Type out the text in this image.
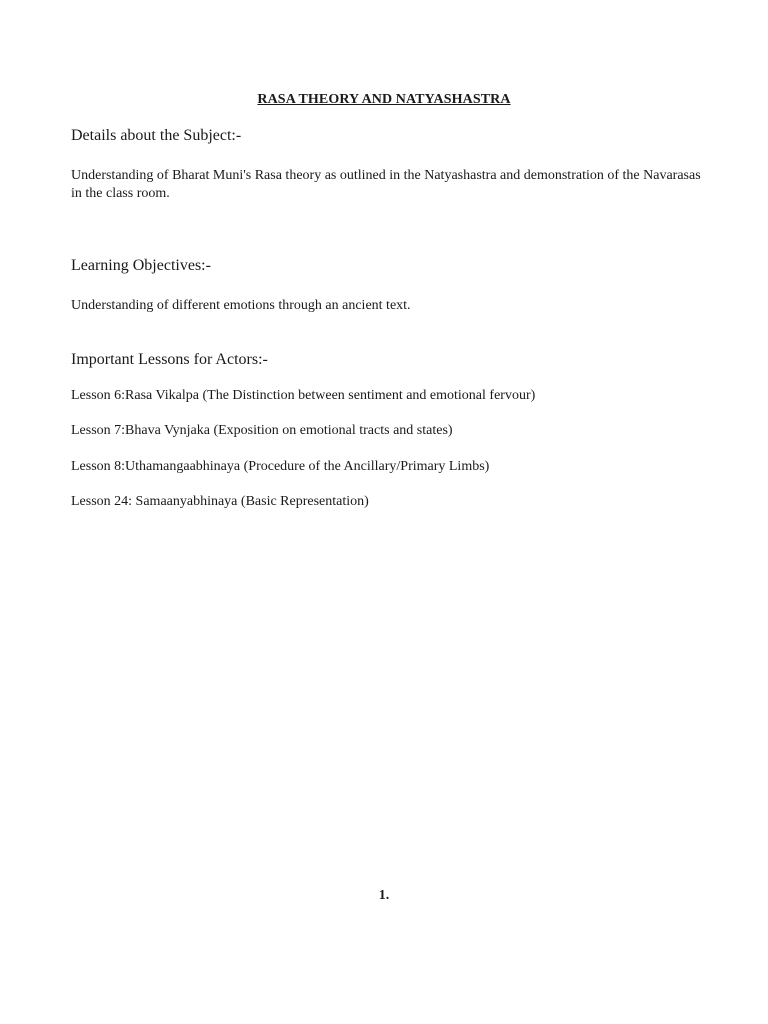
RASA THEORY AND NATYASHASTRA

Details about the Subject:-

Understanding of Bharat Muni's Rasa theory as outlined in the Natyashastra and demonstration of the Navarasas in the class room.

Learning Objectives:-

Understanding of different emotions through an ancient text.

Important Lessons for Actors:-

Lesson 6:Rasa Vikalpa (The Distinction between sentiment and emotional fervour)

Lesson 7:Bhava Vynjaka (Exposition on emotional tracts and states)

Lesson 8:Uthamangaabhinaya (Procedure of the Ancillary/Primary Limbs)

Lesson 24: Samaanyabhinaya (Basic Representation)

1.
